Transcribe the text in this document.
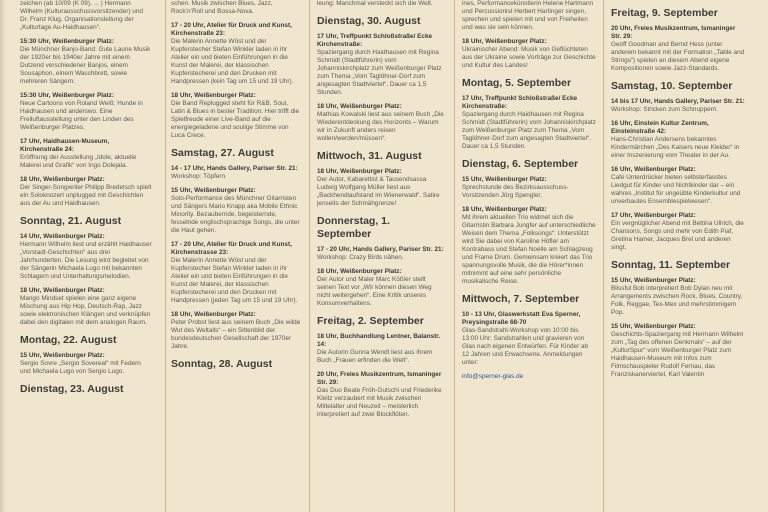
zeichen (ab 10/09 (K 09), ... ) Hermann Wilhelm (Kulturausschussvorsitzender) und Dr. Franz Klug, Organisationsleitung der „Kulturtage Au-Haidhausen“.

15:30 Uhr, Weißenburger Platz:
Die Münchner Banjo-Band: Gute Laune Musik der 1920er bis 1940er Jahre mit einem Dutzend verschiedener Banjos, einem Sousaphon, einem Waschbrett, sowie mehreren Sängern.

15:30 Uhr, Weißenburger Platz:
Neue Cartoons von Roland Weiß: Hunde in Haidhausen und anderswo. Eine Freiluftausstellung unter den Linden des Weißenburger Platzes.

17 Uhr, Haidhausen-Museum, Kirchenstraße 24:
Eröffnung der Ausstellung „Idole, aktuelle Malerei und Grafik“ von Ingo Dolejala.

18 Uhr, Weißenburger Platz:
Der Singer-Songwriter Philipp Bredetsch spielt ein Soloknozert unplugged mit Geschichten aus der Au und Haidhausen.

Sonntag, 21. August

14 Uhr, Weißenburger Platz:
Hermann Wilhelm liest und erzählt Haidhauser „Vorstadt-Geschichten“ aus drei Jahrhunderten. Die Lesung wird begleitet von der Sängerin Michaela Lugo mit bekannten Schlagern und Unterhaltungsmelodien.

18 Uhr, Weißenburger Platz:
Mango Mindset spielen eine ganz eigene Mischung aus Hip Hop, Deutsch-Rap, Jazz sowie elektronischen Klängen und verknüpfen dabei den digitalen mit dem analogen Raum.

Montag, 22. August

15 Uhr, Weißenburger Platz:
Sergio Sovre „Sergio Sovereal“ mit Federn und Michaela Lugo von Sergio Lugo.

Dienstag, 23. August

schen. Musik zwischen Blues, Jazz, Rock’n’Roll und Bossa-Nova.

17 - 20 Uhr, Atelier für Druck und Kunst, Kirchenstraße 23:
Die Malerin Annette Wöst und der Kupferstecher Stefan Winkler laden in ihr Atelier ein und bieten Einführungen in die Kunst der Malerei, der klassischen Kupferstecherei und den Drucken mit Handpressen (kein Tag um 15 und 19 Uhr).

18 Uhr, Weißenburger Platz:
Die Band Replugged steht für R&B, Soul, Latin & Blues in bester Tradition. Hier trifft die Spielfreude einer Live-Band auf die energiegeladene und soulige Stimme von Luca Crece.

Samstag, 27. August

14 - 17 Uhr, Hands Gallery, Pariser Str. 21:
Workshop: Töpfern

15 Uhr, Weißenburger Platz:
Solo-Performance des Münchner Gitarristen und Sängers Mario Knapp aka Mobile Ethnic Minority. Bezaubernde, begeisternde, fesselnde englischsprachige Songs, die unter die Haut gehen.

17 - 20 Uhr, Atelier für Druck und Kunst, Kirchenstrasse 23:
Die Malerin Annette Wöst und der Kupferstecher Stefan Winkler laden in ihr Atelier ein und bieten Einführungen in die Kunst der Malerei, der klassischen Kupferstecherei und den Drucken mit Handpressen (jeden Tag um 15 und 19 Uhr).

18 Uhr, Weißenburger Platz:
Peter Probst liest aus seinem Buch „Die wilde Wut des Weltalls“ – ein Sittenbild der bundesdeutschen Gesellschaft der 1970er Jahre.

Sonntag, 28. August

leung: Manchmal versteckt sich die Welt.

Dienstag, 30. August

17 Uhr, Treffpunkt Schloßstraße/ Ecke Kirchenstraße:
Spaziergang durch Haidhausen mit Regina Schmidt (Stadtführerin) vom Johanniskirchplatz zum Weißenburger Platz zum Thema „Vom Taglöhner-Dorf zum angesagten Stadtviertel“. Dauer ca 1,5 Stunden.

18 Uhr, Weißenburger Platz:
Mathias Kowalski liest aus seinem Buch „Die Wiederentdeckung des Horizonts – Warum wir in Zukunft anders reisen wollen/werden/müssen“.

Mittwoch, 31. August

18 Uhr, Weißenburger Platz:
Der Autor, Kabarettist & Tausendsassa Ludwig Wolfgang Müller liest aus „Backhendlaufstand im Wienerwald“. Satire jenseits der Schmähgrenze!

Donnerstag, 1. September

17 - 20 Uhr, Hands Gallery, Pariser Str. 21:
Workshop: Crazy Birds nähen.

18 Uhr, Weißenburger Platz:
Der Autor und Maler Marc Kößler stellt seinen Text vor „Wir können diesen Weg nicht weitergehen“. Eine Kritik unseres Konsumverhaltens.

Freitag, 2. September

18 Uhr, Buchhandlung Lentner, Balanstr. 14:
Die Autorin Gunna Wendt liest aus ihrem Buch „Frauen erfinden die Welt“.

20 Uhr, Freies Musikzentrum, Ismaninger Str. 29:
Das Duo Beate Fröh-Gutschi und Friederike Kleitz verzaubert mit Musik zwischen Mittelalter und Neuzeit – meisterlich interpretiert auf zwei Blockflöten.

ines, Performancekünstlerin Helene Hartmann und Percussionist Herbert Hartinger singen, sprechen und spielen mit und von Freiheiten und was sie sein können.

18 Uhr, Weißenburger Platz:
Ukrainischer Abend: Musik von Geflüchteten aus der Ukraine sowie Vorträge zur Geschichte und Kultur des Landes!

Montag, 5. September

17 Uhr, Treffpunkt Schloßstraße/ Ecke Kirchenstraße:
Spaziergang durch Haidhausen mit Regina Schmidt (Stadtführerin) vom Johanniskirchplatz zum Weißenburger Platz zum Thema „Vom Taglöhner-Dorf zum angesagten Stadtviertel“. Dauer ca 1,5 Stunden.

Dienstag, 6. September

15 Uhr, Weißenburger Platz:
Sprechstunde des Bezirksausschuss-Vorsitzenden Jörg Spengler.

18 Uhr, Weißenburger Platz:
Mit ihrem aktuellen Trio widmet sich die Gitarristin Barbara Jungfer auf unterschiedliche Weisen dem Thema „Folksongs“: Unterstützt wird Sie dabei von Karoline Höfler am Kontrabass und Stefan Noelle am Schlagzeug und Frame Drum. Gemeinsam kreiert das Trio spannungsvolle Musik, die die Hörer*innen mitnimmt auf eine sehr persönliche musikalische Reise.

Mittwoch, 7. September

10 - 13 Uhr, Glaswerkstatt Eva Sperner, Preysingstraße 68-70
Glas-Sandstrahl-Workshop von 10:00 bis 13:00 Uhr: Sandstrahlen und gravieren von Glas nach eigenen Entwürfen. Für Kinder ab 12 Jahren und Erwachsene. Anmeldungen unter:

info@sperner-glas.de

Freitag, 9. September

20 Uhr, Freies Musikzentrum, Ismaninger Str. 29:
Geoff Goodman and Bernd Hess (unter anderem bekannt mit der Formation „Table and Strings“) spielen an diesem Abend eigene Kompositionen sowie Jazz-Standards.

Samstag, 10. September

14 bis 17 Uhr, Hands Gallery, Pariser Str. 21:
Workshop: Stricken zum Schnuppern.

16 Uhr, Einstein Kultur Zentrum, Einsteinstraße 42:
Hans-Christian Andersens bekanntes Kindermärchen „Des Kaisers neue Kleider“ in einer Inszenierung vom Theater in der Au.

16 Uhr, Weißenburger Platz:
Café Unterdrücker bieten selbsterfasstes Liedgut für Kinder und Nichtkinder dar – ein wahres „Institut für ungeübte Kinderkultur und unverbautes Ensemblespielwesen“.

17 Uhr, Weißenburger Platz:
Ein vergnüglicher Abend mit Bettina Ullrich, die Chansons, Songs und mehr von Edith Piaf, Gretina Hamer, Jacques Brel und anderen singt.

Sonntag, 11. September

15 Uhr, Weißenburger Platz:
Blissful Bob interpretiert Bob Dylan neu mit Arrangements zwischen Rock, Blues, Country, Folk, Reggae, Tex-Mex und mehrstimmigem Pop.

15 Uhr, Weißenburger Platz:
Geschichts-Spaziergang mit Hermann Wilhelm zum „Tag des offenen Denkmals“ – auf der „KulturSpur“ vom Weißenburger Platz zum Haidhausen-Museum mit Infos zum Filmschauspieler Rudolf Fernau, das Franziskanerviertel, Karl Valentin
